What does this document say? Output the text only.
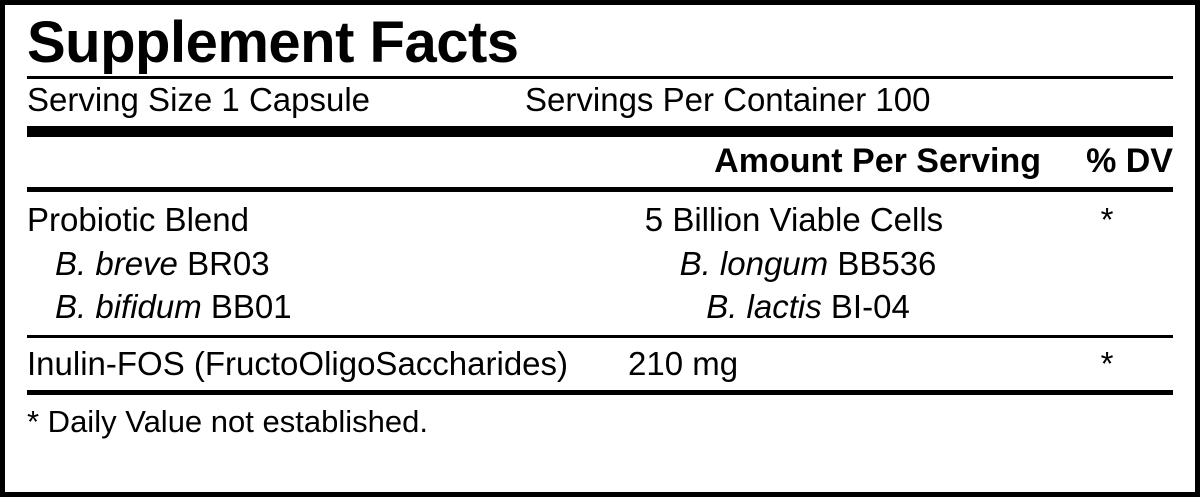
Supplement Facts
Serving Size 1 Capsule	Servings Per Container 100
Amount Per Serving	% DV
Probiotic Blend	5 Billion Viable Cells	*
B. breve BR03	B. longum BB536
B. bifidum BB01	B. lactis BI-04
Inulin-FOS (FructoOligoSaccharides) 210 mg	*
* Daily Value not established.
